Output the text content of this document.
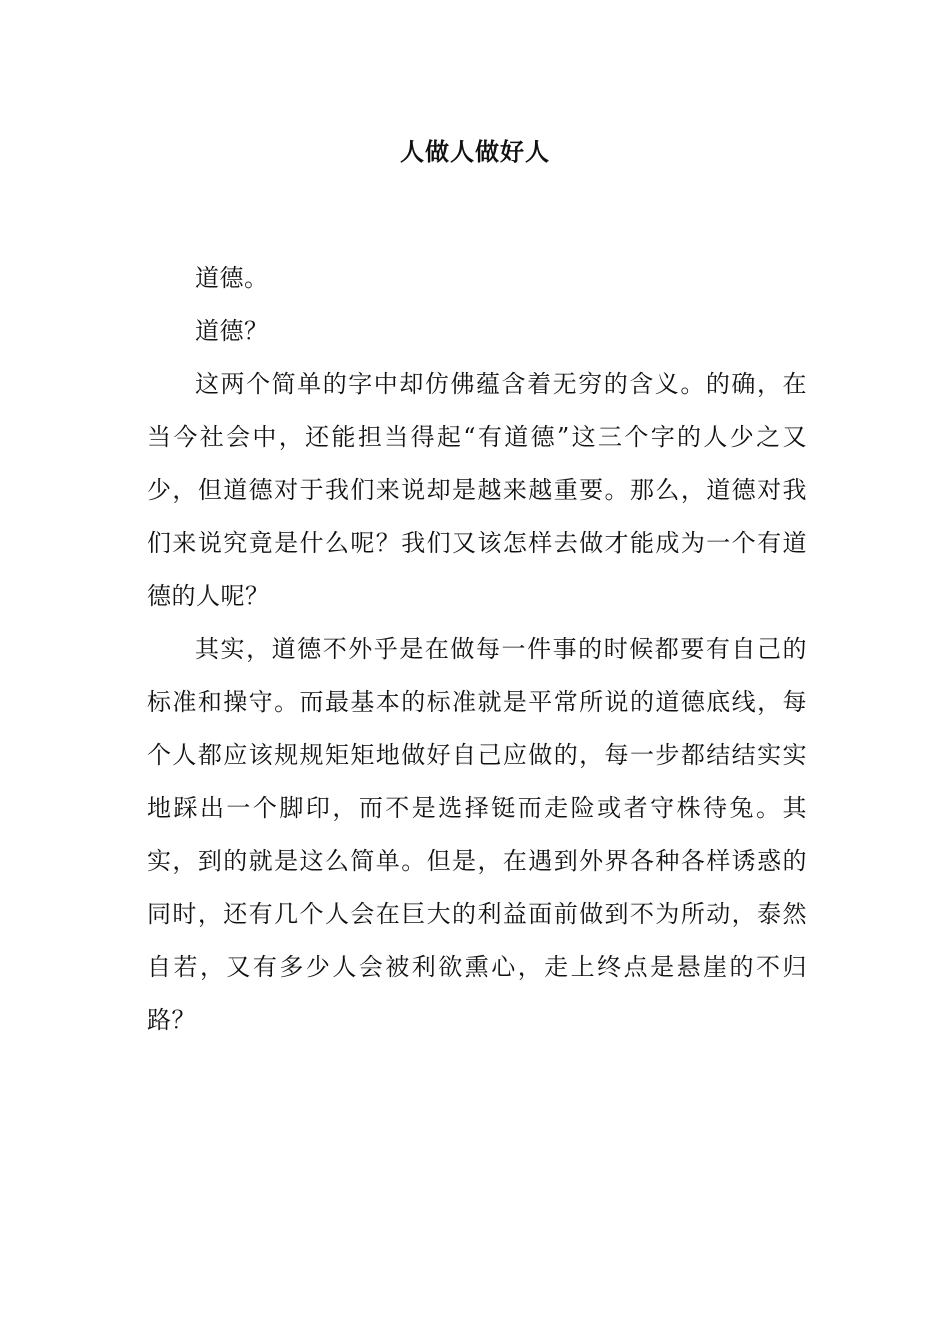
人做人做好人

道德。

道德？

这两个简单的字中却仿佛蕴含着无穷的含义。的确，在当今社会中，还能担当得起“有道德”这三个字的人少之又少，但道德对于我们来说却是越来越重要。那么，道德对我们来说究竟是什么呢？我们又该怎样去做才能成为一个有道德的人呢？

其实，道德不外乎是在做每一件事的时候都要有自己的标准和操守。而最基本的标准就是平常所说的道德底线，每个人都应该规规矩矩地做好自己应做的，每一步都结结实实地踩出一个脚印，而不是选择铤而走险或者守株待兔。其实，到的就是这么简单。但是，在遇到外界各种各样诱惑的同时，还有几个人会在巨大的利益面前做到不为所动，泰然自若，又有多少人会被利欲熏心，走上终点是悬崖的不归路？
